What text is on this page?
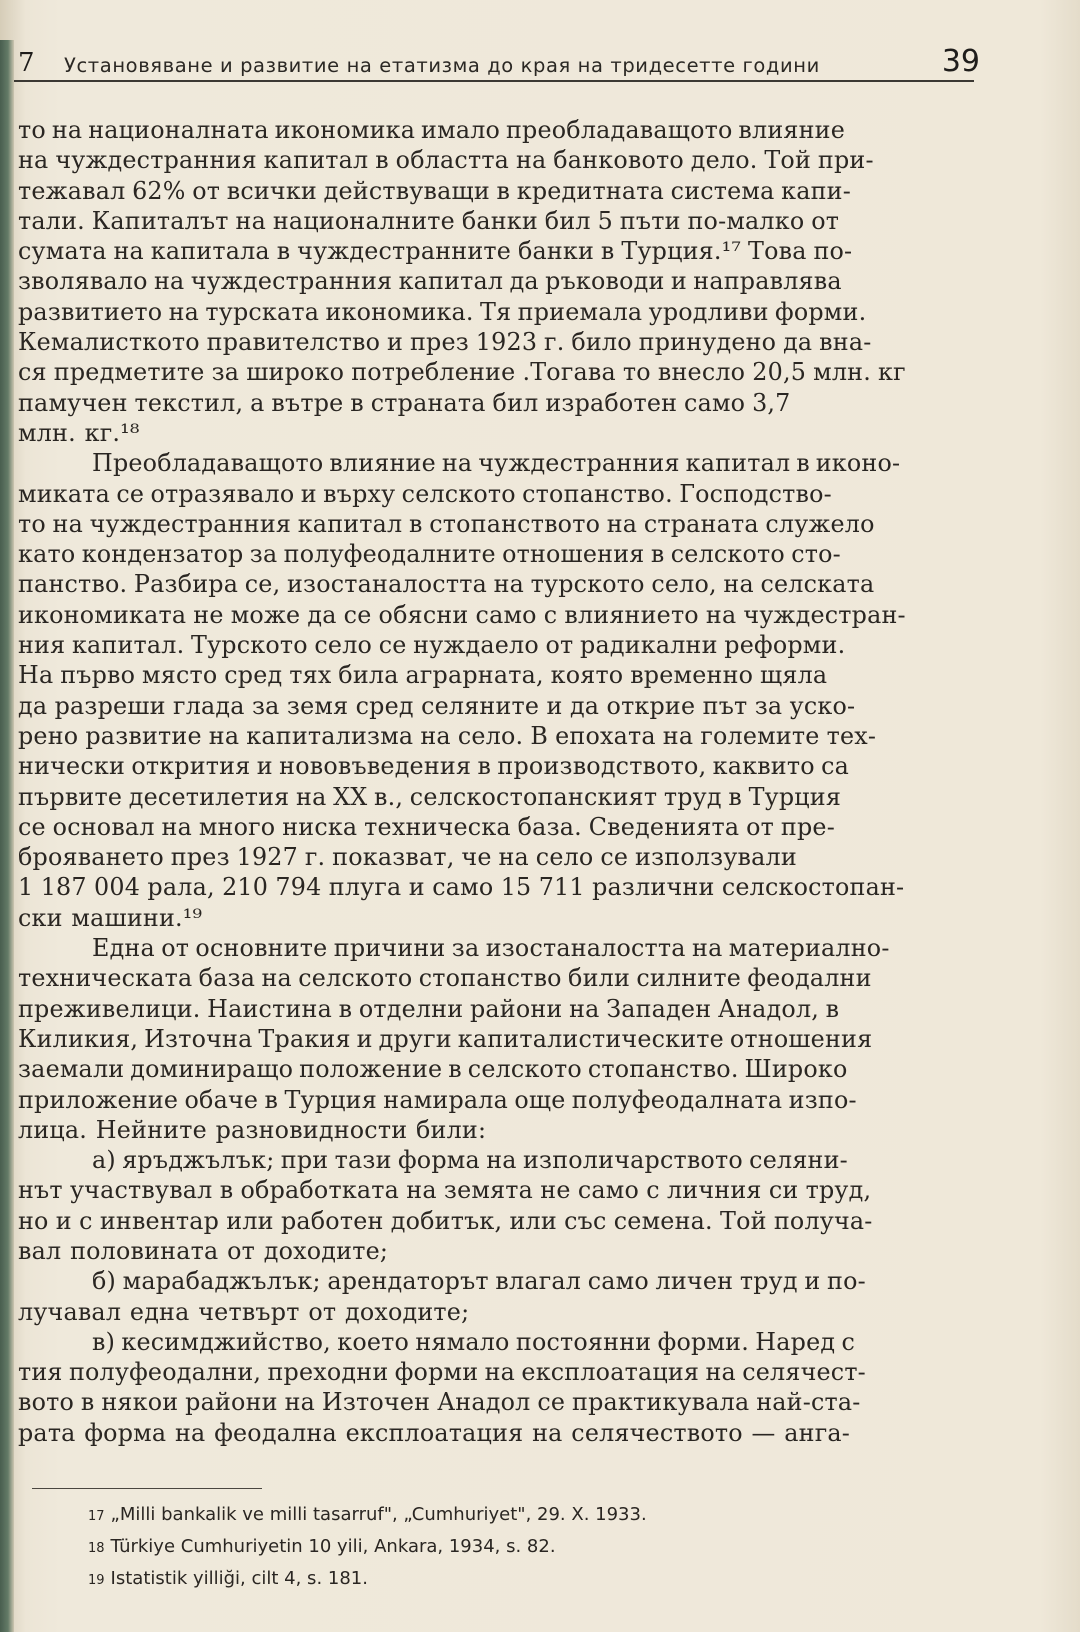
7 Установяване и развитие на етатизма до края на тридесетте години	39

то на националната икономика имало преобладаващото влияние
на чуждестранния капитал в областта на банковото дело. Той при-
тежавал 62% от всички действуващи в кредитната система капи-
тали. Капиталът на националните банки бил 5 пъти по-малко от
сумата на капитала в чуждестранните банки в Турция.¹⁷ Това по-
зволявало на чуждестранния капитал да ръководи и направлява
развитието на турската икономика. Тя приемала уродливи форми.
Кемалисткото правителство и през 1923 г. било принудено да вна-
ся предметите за широко потребление .Тогава то внесло 20,5 млн. кг
памучен текстил, а вътре в страната бил изработен само 3,7
млн. кг.¹⁸

Преобладаващото влияние на чуждестранния капитал в иконо-
миката се отразявало и върху селското стопанство. Господство-
то на чуждестранния капитал в стопанството на страната служело
като кондензатор за полуфеодалните отношения в селското сто-
панство. Разбира се, изостаналостта на турското село, на селската
икономиката не може да се обясни само с влиянието на чуждестран-
ния капитал. Турското село се нуждаело от радикални реформи.
На първо място сред тях била аграрната, която временно щяла
да разреши глада за земя сред селяните и да открие път за уско-
рено развитие на капитализма на село. В епохата на големите тех-
нически открития и нововъведения в производството, каквито са
първите десетилетия на XX в., селскостопанският труд в Турция
се основал на много ниска техническа база. Сведенията от пре-
брояването през 1927 г. показват, че на село се използували
1 187 004 рала, 210 794 плуга и само 15 711 различни селскостопан-
ски машини.¹⁹

Една от основните причини за изостаналостта на материално-
техническата база на селското стопанство били силните феодални
преживелици. Наистина в отделни райони на Западен Анадол, в
Киликия, Източна Тракия и други капиталистическите отношения
заемали доминиращо положение в селското стопанство. Широко
приложение обаче в Турция намирала още полуфеодалната изпо-
лица. Нейните разновидности били:

а) яръджълък; при тази форма на изполичарството селяни-
нът участвувал в обработката на земята не само с личния си труд,
но и с инвентар или работен добитък, или със семена. Той получа-
вал половината от доходите;

б) марабаджълък; арендаторът влагал само личен труд и по-
лучавал една четвърт от доходите;

в) кесимджийство, което нямало постоянни форми. Наред с
тия полуфеодални, преходни форми на експлоатация на селячест-
вото в някои райони на Източен Анадол се практикувала най-ста-
рата форма на феодална експлоатация на селячеството — анга-

17 „Milli bankalik ve milli tasarruf", „Cumhuriyet", 29. X. 1933.
18 Türkiye Cumhuriyetin 10 yili, Ankara, 1934, s. 82.
19 Istatistik yilliği, cilt 4, s. 181.
